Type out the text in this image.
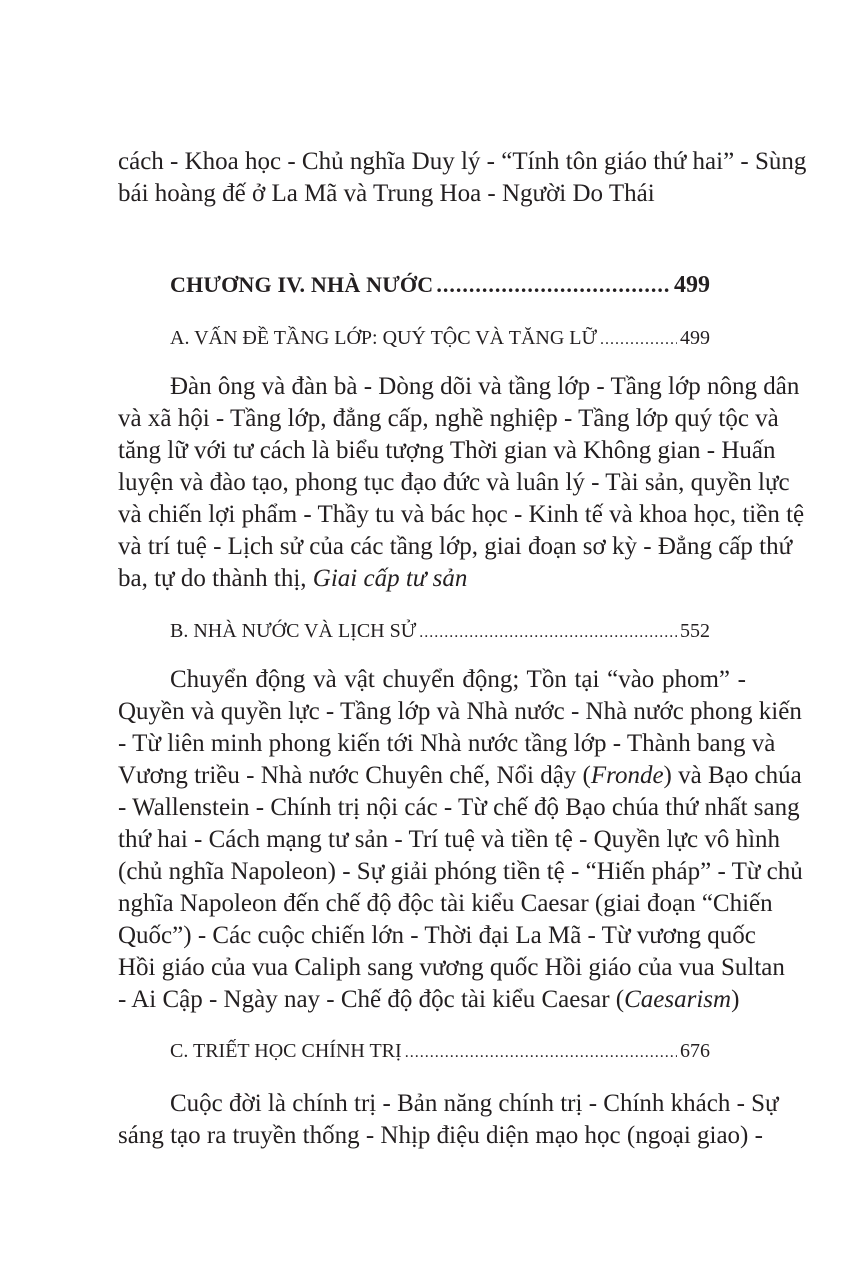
cách - Khoa học - Chủ nghĩa Duy lý - “Tính tôn giáo thứ hai” - Sùng
bái hoàng đế ở La Mã và Trung Hoa - Người Do Thái
CHƯƠNG IV. NHÀ NƯỚC .....	499
A. VẤN ĐỀ TẦNG LỚP: QUÝ TỘC VÀ TĂNG LỮ .....	499
Đàn ông và đàn bà - Dòng dõi và tầng lớp - Tầng lớp nông dân
và xã hội - Tầng lớp, đẳng cấp, nghề nghiệp - Tầng lớp quý tộc và
tăng lữ với tư cách là biểu tượng Thời gian và Không gian - Huấn
luyện và đào tạo, phong tục đạo đức và luân lý - Tài sản, quyền lực
và chiến lợi phẩm - Thầy tu và bác học - Kinh tế và khoa học, tiền tệ
và trí tuệ - Lịch sử của các tầng lớp, giai đoạn sơ kỳ - Đẳng cấp thứ
ba, tự do thành thị, Giai cấp tư sản
B. NHÀ NƯỚC VÀ LỊCH SỬ .....	552
Chuyển động và vật chuyển động; Tồn tại “vào phom” -
Quyền và quyền lực - Tầng lớp và Nhà nước - Nhà nước phong kiến
- Từ liên minh phong kiến tới Nhà nước tầng lớp - Thành bang và
Vương triều - Nhà nước Chuyên chế, Nổi dậy (Fronde) và Bạo chúa
- Wallenstein - Chính trị nội các - Từ chế độ Bạo chúa thứ nhất sang
thứ hai - Cách mạng tư sản - Trí tuệ và tiền tệ - Quyền lực vô hình
(chủ nghĩa Napoleon) - Sự giải phóng tiền tệ - “Hiến pháp” - Từ chủ
nghĩa Napoleon đến chế độ độc tài kiểu Caesar (giai đoạn “Chiến
Quốc”) - Các cuộc chiến lớn - Thời đại La Mã - Từ vương quốc
Hồi giáo của vua Caliph sang vương quốc Hồi giáo của vua Sultan
- Ai Cập - Ngày nay - Chế độ độc tài kiểu Caesar (Caesarism)
C. TRIẾT HỌC CHÍNH TRỊ .....	676
Cuộc đời là chính trị - Bản năng chính trị - Chính khách - Sự
sáng tạo ra truyền thống - Nhịp điệu diện mạo học (ngoại giao) -
